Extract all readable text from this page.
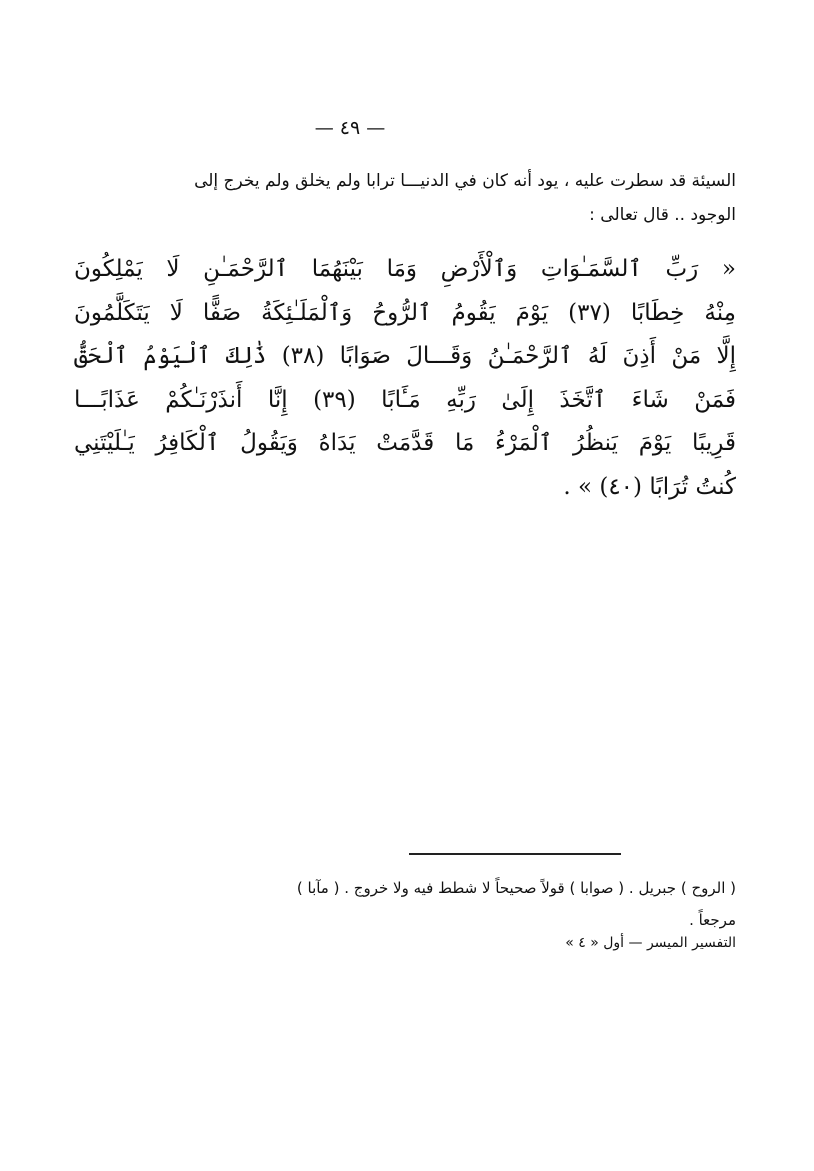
— ٤٩ —
السيئة قد سطرت عليه ، يود أنه كان في الدنيـــا ترابا ولم يخلق ولم يخرج إلى
الوجود .. قال تعالى :
« رَبِّ ٱلسَّمَـٰوَاتِ وَٱلْأَرْضِ وَمَا بَيْنَهُمَا ٱلرَّحْمَـٰنِ لَا يَمْلِكُونَ
مِنْهُ خِطَابًا (٣٧) يَوْمَ يَقُومُ ٱلرُّوحُ وَٱلْمَلَـٰئِكَةُ صَفًّا لَا يَتَكَلَّمُونَ
إِلَّا مَنْ أَذِنَ لَهُ ٱلرَّحْمَـٰنُ وَقَـــالَ صَوَابًا (٣٨) ذَٰلِكَ ٱلْيَوْمُ ٱلْحَقُّ
فَمَنْ شَاءَ ٱتَّخَذَ إِلَىٰ رَبِّهِ مَـَٔابًا (٣٩) إِنَّا أَنذَرْنَـٰكُمْ عَذَابًـــا
قَرِيبًا يَوْمَ يَنظُرُ ٱلْمَرْءُ مَا قَدَّمَتْ يَدَاهُ وَيَقُولُ ٱلْكَافِرُ يَـٰلَيْتَنِي
كُنتُ تُرَابًا (٤٠) » .
( الروح ) جبريل . ( صوابا ) قولاً صحيحاً لا شطط فيه ولا خروج . ( مآبا )
مرجعاً .
التفسير الميسر — أول « ٤ »
